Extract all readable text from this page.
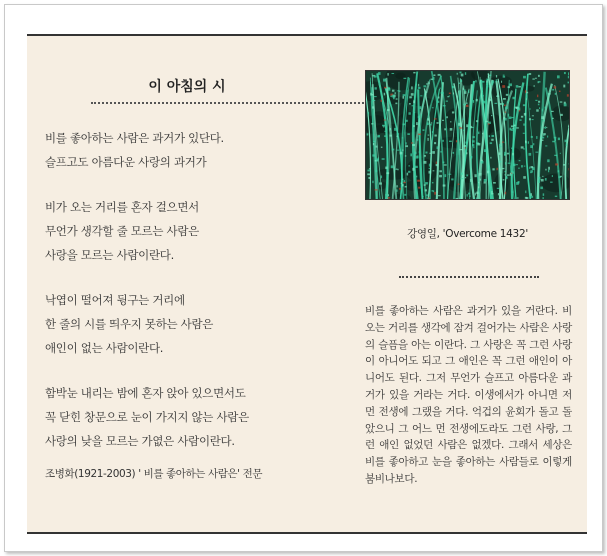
이 아침의 시
비를 좋아하는 사람은 과거가 있단다.
슬프고도 아름다운 사랑의 과거가
비가 오는 거리를 혼자 걸으면서
무언가 생각할 줄 모르는 사람은
사랑을 모르는 사람이란다.
낙엽이 떨어져 뒹구는 거리에
한 줄의 시를 띄우지 못하는 사람은
애인이 없는 사람이란다.
함박눈 내리는 밤에 혼자 앉아 있으면서도
꼭 닫힌 창문으로 눈이 가지지 않는 사람은
사랑의 낮을 모르는 가엾은 사람이란다.
조병화(1921-2003) ' 비를 좋아하는 사람은' 전문
강영일, 'Overcome 1432'
비를 좋아하는 사람은 과거가 있을 거란다. 비오는 거리를 생각에 잠겨 걸어가는 사람은 사랑의 슬픔을 아는 이란다. 그 사랑은 꼭 그런 사랑이 아니어도 되고 그 애인은 꼭 그런 애인이 아니어도 된다. 그저 무언가 슬프고 아름다운 과거가 있을 거라는 거다. 이생에서가 아니면 저 먼 전생에 그랬을 거다. 억겁의 윤회가 돌고 돌았으니 그 어느 먼 전생에도라도 그런 사랑, 그런 애인 없었던 사람은 없겠다. 그래서 세상은 비를 좋아하고 눈을 좋아하는 사람들로 이렇게 붐비나보다.
